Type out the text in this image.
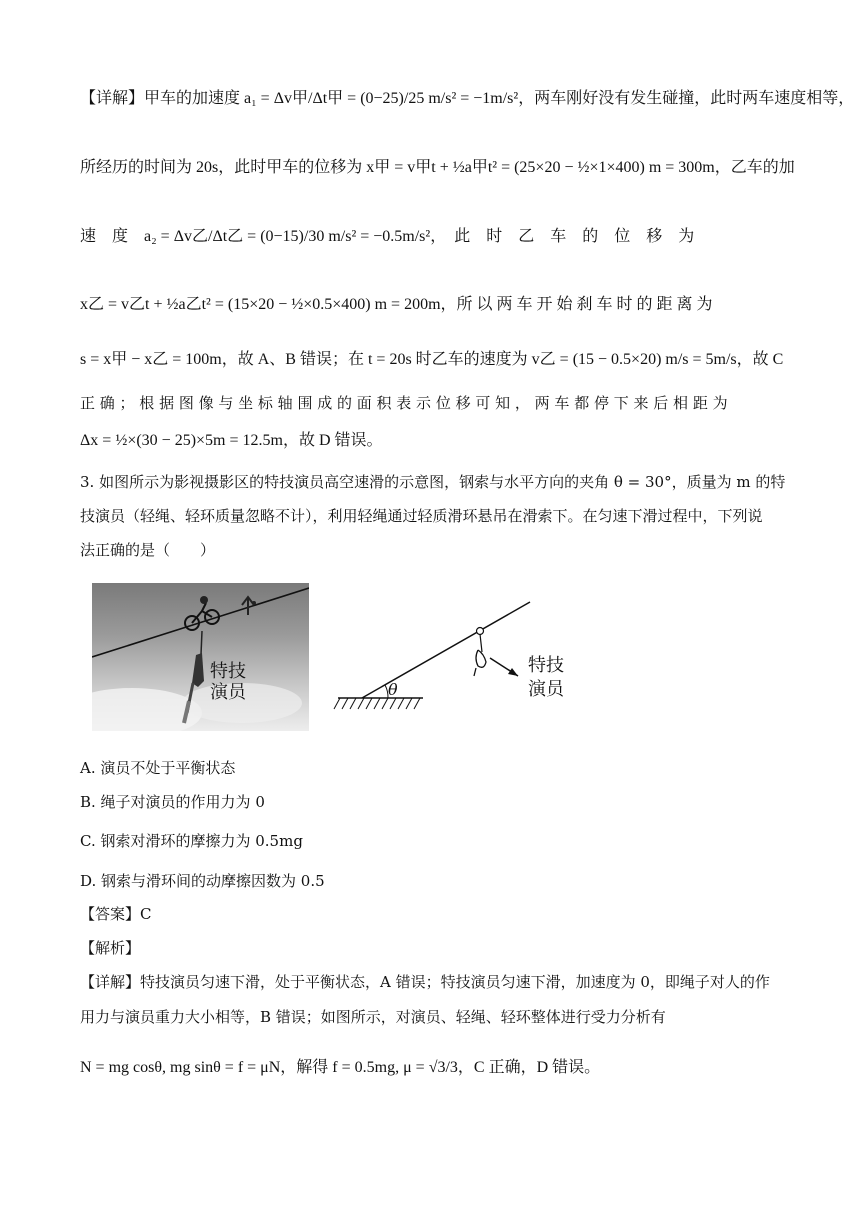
【详解】甲车的加速度 a₁ = Δv甲/Δt甲 = (0−25)/25 m/s² = −1m/s²，两车刚好没有发生碰撞，此时两车速度相等，
所经历的时间为 20s，此时甲车的位移为 x甲 = v甲t + ½a甲t² = (25×20 − ½×1×400) m = 300m，乙车的加
速　度　a₂ = Δv乙/Δt乙 = (0−15)/30 m/s² = −0.5m/s²，　此　时　乙　车　的　位　移　为
x乙 = v乙t + ½a乙t² = (15×20 − ½×0.5×400) m = 200m，所 以 两 车 开 始 刹 车 时 的 距 离 为
s = x甲 − x乙 = 100m，故 A、B 错误；在 t = 20s 时乙车的速度为 v乙 = (15 − 0.5×20) m/s = 5m/s，故 C
正 确 ； 根 据 图 像 与 坐 标 轴 围 成 的 面 积 表 示 位 移 可 知 ， 两 车 都 停 下 来 后 相 距 为
Δx = ½×(30 − 25)×5m = 12.5m，故 D 错误。
3. 如图所示为影视摄影区的特技演员高空速滑的示意图，钢索与水平方向的夹角 θ = 30°，质量为 m 的特
技演员（轻绳、轻环质量忽略不计），利用轻绳通过轻质滑环悬吊在滑索下。在匀速下滑过程中，下列说
法正确的是（　　）
特技
演员	θ
特技
演员
A. 演员不处于平衡状态
B. 绳子对演员的作用力为 0
C. 钢索对滑环的摩擦力为 0.5mg
D. 钢索与滑环间的动摩擦因数为 0.5
【答案】C
【解析】
【详解】特技演员匀速下滑，处于平衡状态，A 错误；特技演员匀速下滑，加速度为 0，即绳子对人的作
用力与演员重力大小相等，B 错误；如图所示，对演员、轻绳、轻环整体进行受力分析有
N = mg cosθ, mg sinθ = f = μN，解得 f = 0.5mg, μ = √3/3，C 正确，D 错误。
